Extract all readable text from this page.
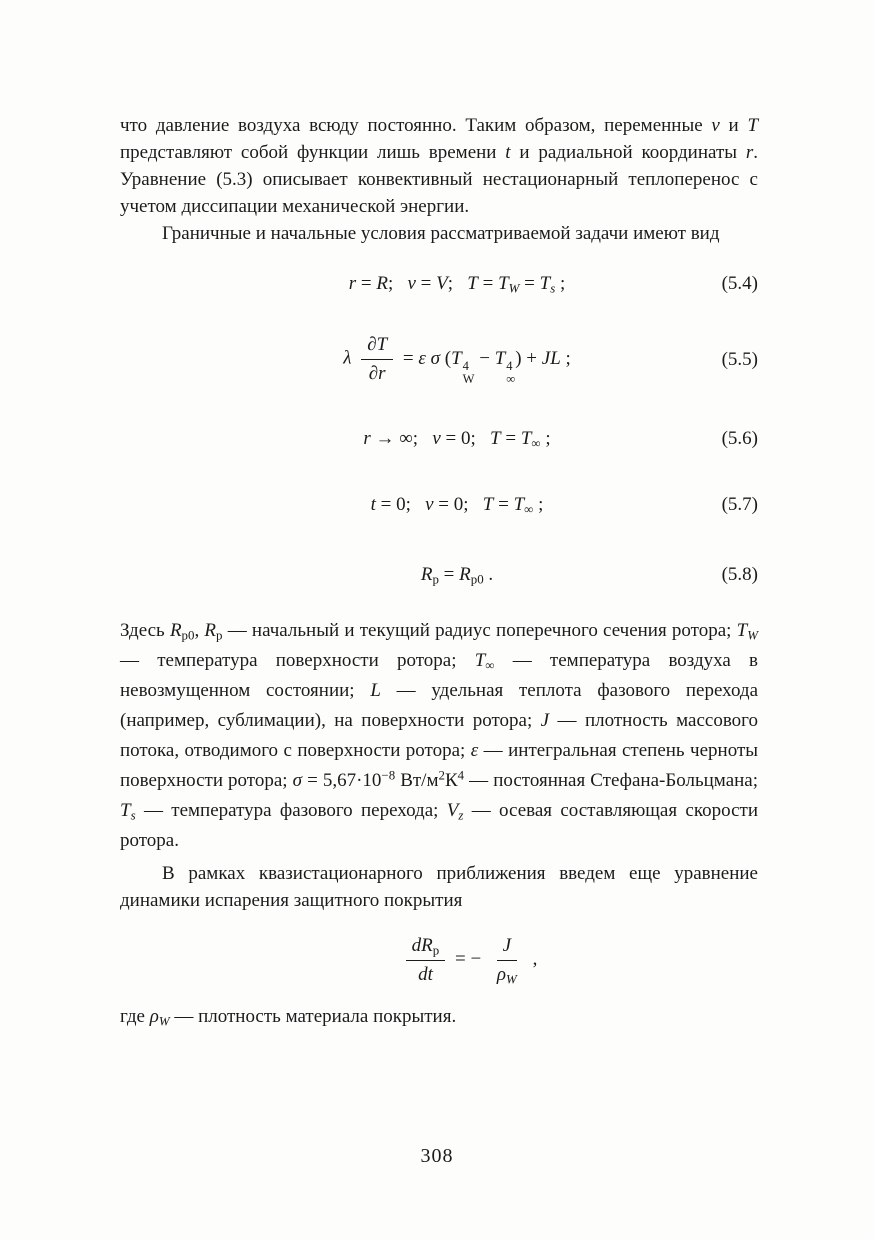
что давление воздуха всюду постоянно. Таким образом, переменные v и T представляют собой функции лишь времени t и радиальной координаты r. Уравнение (5.3) описывает конвективный нестационарный теплоперенос с учетом диссипации механической энергии.

Граничные и начальные условия рассматриваемой задачи имеют вид

r = R;  v = V;  T = TW = Ts ;	(5.4)
λ $\frac{\partial T}{\partial r} = \varepsilon$ σ (T 4
W
− T 4
∞
) + JL ;	(5.5)
r → ∞;  v = 0;  T = T∞ ;	(5.6)
t = 0;  v = 0;  T = T∞ ;	(5.7)
Rp = Rp0 .	(5.8)

Здесь Rp0, Rp — начальный и текущий радиус поперечного сечения ротора; TW — температура поверхности ротора; T∞ — температура воздуха в невозмущенном состоянии; L — удельная теплота фазового перехода (например, сублимации), на поверхности ротора; J — плотность массового потока, отводимого с поверхности ротора; ε — интегральная степень черноты поверхности ротора; $\sigma = 5,67\cdot 10^{-8}$ $Вт/м^2К^4$ — постоянная Стефана-Больцмана; Ts — температура фазового перехода; Vz — осевая составляющая скорости ротора.

В рамках квазистационарного приближения введем еще уравнение динамики испарения защитного покрытия

$\frac{\text{dRp}}{dt}$ = − $\frac{J}{\rho W}$ ,

где ρW — плотность материала покрытия.

308
